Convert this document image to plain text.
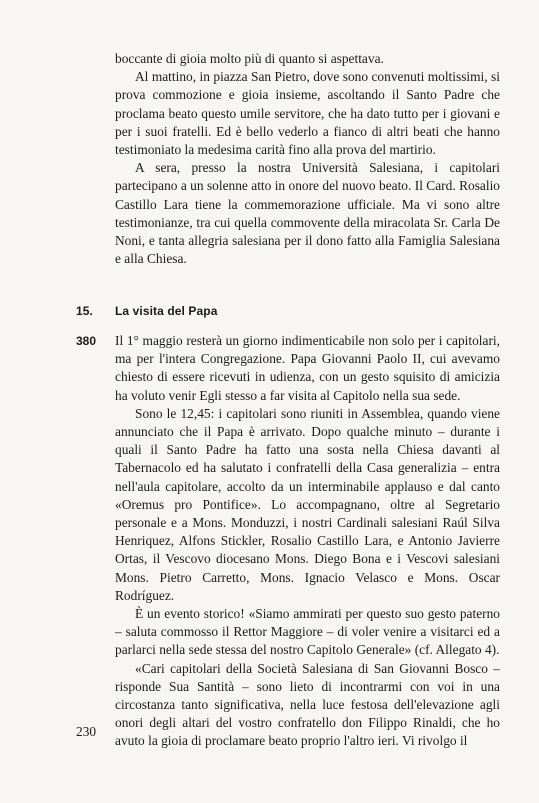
boccante di gioia molto più di quanto si aspettava.

Al mattino, in piazza San Pietro, dove sono convenuti moltissimi, si prova commozione e gioia insieme, ascoltando il Santo Padre che proclama beato questo umile servitore, che ha dato tutto per i giovani e per i suoi fratelli. Ed è bello vederlo a fianco di altri beati che hanno testimoniato la medesima carità fino alla prova del martirio.

A sera, presso la nostra Università Salesiana, i capitolari partecipano a un solenne atto in onore del nuovo beato. Il Card. Rosalio Castillo Lara tiene la commemorazione ufficiale. Ma vi sono altre testimonianze, tra cui quella commovente della miracolata Sr. Carla De Noni, e tanta allegria salesiana per il dono fatto alla Famiglia Salesiana e alla Chiesa.

15. La visita del Papa
380 Il 1° maggio resterà un giorno indimenticabile non solo per i capitolari, ma per l'intera Congregazione. Papa Giovanni Paolo II, cui avevamo chiesto di essere ricevuti in udienza, con un gesto squisito di amicizia ha voluto venir Egli stesso a far visita al Capitolo nella sua sede.

Sono le 12,45: i capitolari sono riuniti in Assemblea, quando viene annunciato che il Papa è arrivato. Dopo qualche minuto – durante i quali il Santo Padre ha fatto una sosta nella Chiesa davanti al Tabernacolo ed ha salutato i confratelli della Casa generalizia – entra nell'aula capitolare, accolto da un interminabile applauso e dal canto «Oremus pro Pontifice». Lo accompagnano, oltre al Segretario personale e a Mons. Monduzzi, i nostri Cardinali salesiani Raúl Silva Henriquez, Alfons Stickler, Rosalio Castillo Lara, e Antonio Javierre Ortas, il Vescovo diocesano Mons. Diego Bona e i Vescovi salesiani Mons. Pietro Carretto, Mons. Ignacio Velasco e Mons. Oscar Rodríguez.

È un evento storico! «Siamo ammirati per questo suo gesto paterno – saluta commosso il Rettor Maggiore – di voler venire a visitarci ed a parlarci nella sede stessa del nostro Capitolo Generale» (cf. Allegato 4).

«Cari capitolari della Società Salesiana di San Giovanni Bosco – risponde Sua Santità – sono lieto di incontrarmi con voi in una circostanza tanto significativa, nella luce festosa dell'elevazione agli onori degli altari del vostro confratello don Filippo Rinaldi, che ho avuto la gioia di proclamare beato proprio l'altro ieri. Vi rivolgo il

230
